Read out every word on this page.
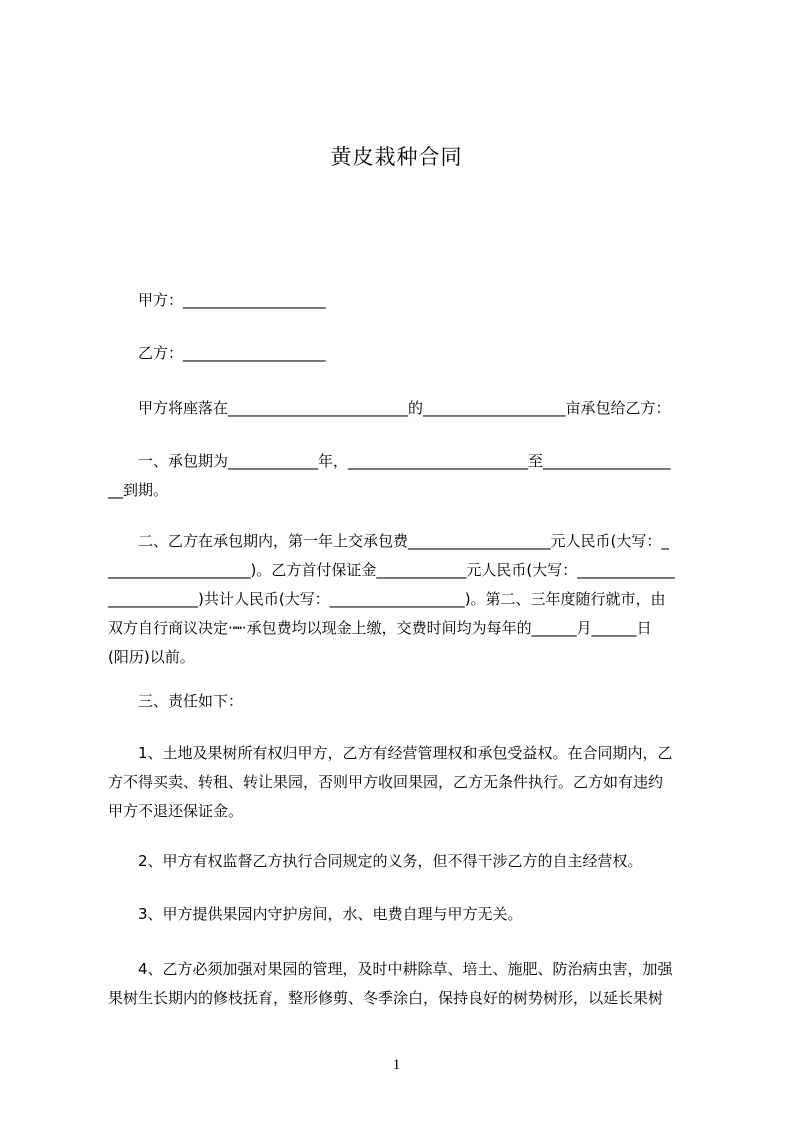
黄皮栽种合同
　　甲方：___________________
　　乙方：___________________
　　甲方将座落在________________________的___________________亩承包给乙方：
　　一、承包期为____________年，________________________至_________________
__到期。
　　二、乙方在承包期内，第一年上交承包费___________________元人民币(大写：_
___________________)。乙方首付保证金____________元人民币(大写：_____________
____________)共计人民币(大写：__________________)。第二、三年度随行就市，由
双方自行商议决定·┉·承包费均以现金上缴，交费时间均为每年的______月______日
(阳历)以前。
　　三、责任如下：
　　1、土地及果树所有权归甲方，乙方有经营管理权和承包受益权。在合同期内，乙
方不得买卖、转租、转让果园，否则甲方收回果园，乙方无条件执行。乙方如有违约
甲方不退还保证金。
　　2、甲方有权监督乙方执行合同规定的义务，但不得干涉乙方的自主经营权。
　　3、甲方提供果园内守护房间，水、电费自理与甲方无关。
　　4、乙方必须加强对果园的管理，及时中耕除草、培土、施肥、防治病虫害，加强
果树生长期内的修枝抚育，整形修剪、冬季涂白，保持良好的树势树形，以延长果树
1
